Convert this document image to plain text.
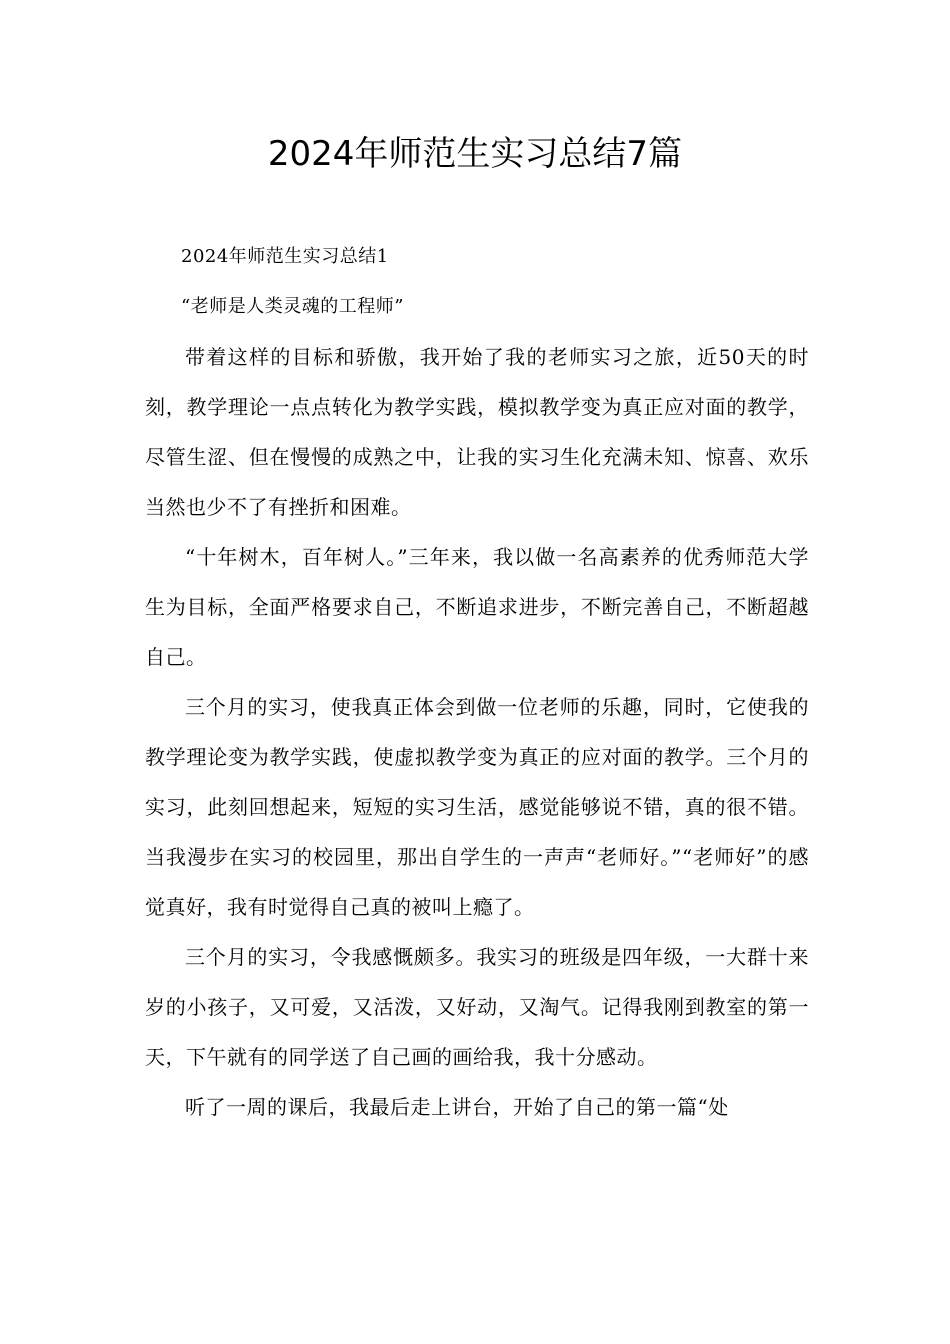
2024年师范生实习总结7篇

2024年师范生实习总结1

“老师是人类灵魂的工程师”

带着这样的目标和骄傲，我开始了我的老师实习之旅，近50天的时刻，教学理论一点点转化为教学实践，模拟教学变为真正应对面的教学，尽管生涩、但在慢慢的成熟之中，让我的实习生化充满未知、惊喜、欢乐当然也少不了有挫折和困难。

“十年树木，百年树人。”三年来，我以做一名高素养的优秀师范大学生为目标，全面严格要求自己，不断追求进步，不断完善自己，不断超越自己。

三个月的实习，使我真正体会到做一位老师的乐趣，同时，它使我的教学理论变为教学实践，使虚拟教学变为真正的应对面的教学。三个月的实习，此刻回想起来，短短的实习生活，感觉能够说不错，真的很不错。当我漫步在实习的校园里，那出自学生的一声声“老师好。”“老师好”的感觉真好，我有时觉得自己真的被叫上瘾了。

三个月的实习，令我感慨颇多。我实习的班级是四年级，一大群十来岁的小孩子，又可爱，又活泼，又好动，又淘气。记得我刚到教室的第一天，下午就有的同学送了自己画的画给我，我十分感动。

听了一周的课后，我最后走上讲台，开始了自己的第一篇“处
